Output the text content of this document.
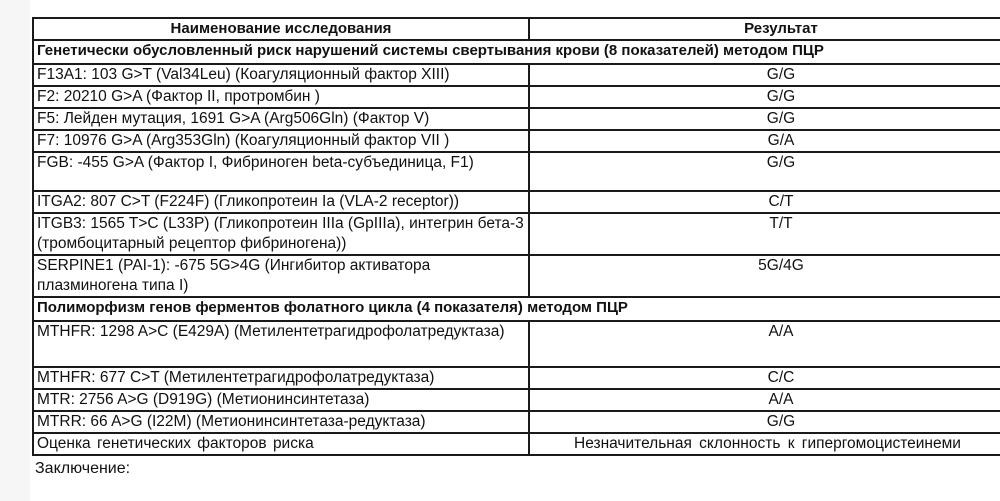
Наименование исследования	Результат
Генетически обусловленный риск нарушений системы свертывания крови (8 показателей) методом ПЦР	
F13A1: 103 G>T (Val34Leu) (Коагуляционный фактор XIII)	G/G
F2: 20210 G>A (Фактор II, протромбин )	G/G
F5: Лейден мутация, 1691 G>A (Arg506Gln) (Фактор V)	G/G
F7: 10976 G>A (Arg353Gln) (Коагуляционный фактор VII )	G/A
FGB: -455 G>A (Фактор I, Фибриноген beta-субъединица, F1)	G/G
ITGA2: 807 C>T (F224F) (Гликопротеин Ia (VLA-2 receptor))	C/T
ITGB3: 1565 T>C (L33P) (Гликопротеин IIIa (GpIIIa), интегрин бета-3 (тромбоцитарный рецептор фибриногена))	T/T
SERPINE1 (PAI-1): -675 5G>4G (Ингибитор активатора плазминогена типа I)	5G/4G
Полиморфизм генов ферментов фолатного цикла (4 показателя) методом ПЦР	
MTHFR: 1298 A>C (E429A) (Метилентетрагидрофолатредуктаза)	A/A
MTHFR: 677 C>T (Метилентетрагидрофолатредуктаза)	C/C
MTR: 2756 A>G (D919G) (Метионинсинтетаза)	A/A
MTRR: 66 A>G (I22M) (Метионинсинтетаза-редуктаза)	G/G
Оценка генетических факторов риска	Незначительная склонность к гипергомоцистеинеми
Заключение:
